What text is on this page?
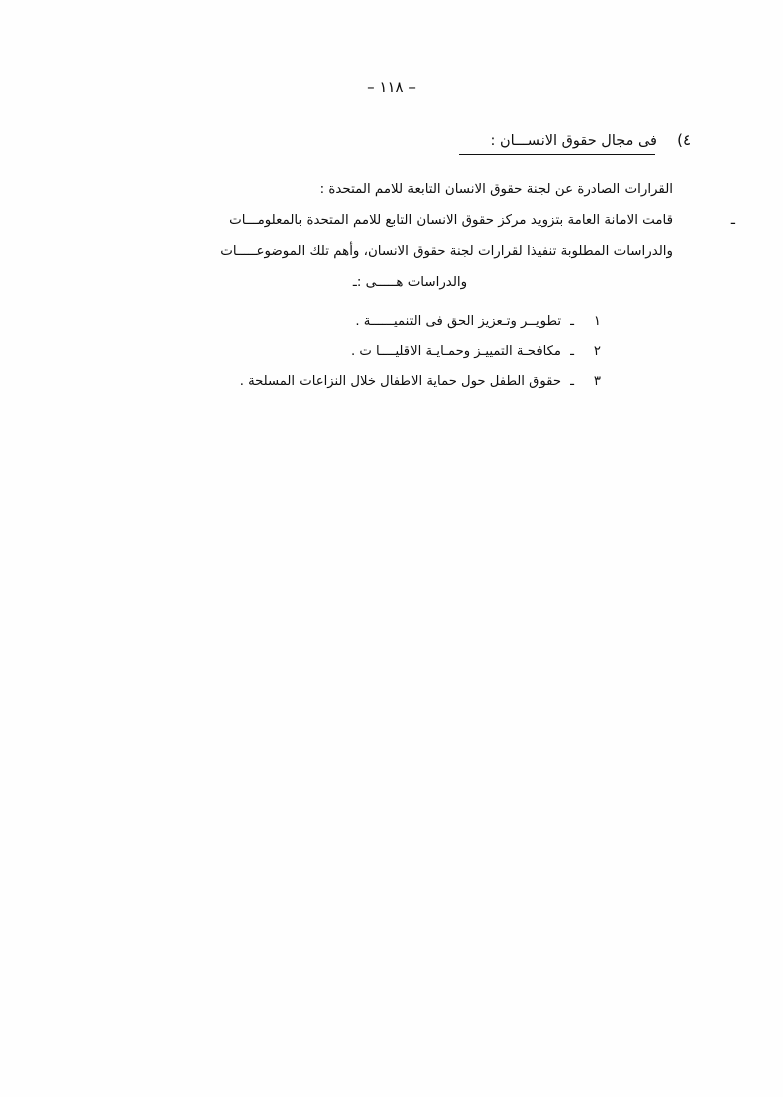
– ١١٨ –
٤)
فى مجال حقوق الانســـان :
ـ
القرارات الصادرة عن لجنة حقوق الانسان التابعة للامم المتحدة :
قامت الامانة العامة بتزويد مركز حقوق الانسان التابع للامم المتحدة بالمعلومـــات
والدراسات المطلوبة تنفيذا لقرارات لجنة حقوق الانسان، وأهم تلك الموضوعـــــات
والدراسات هـــــى :ـ
١
ـ
تطويــر وتـعزيز الحق فى التنميــــــة .
٢
ـ
مكافحـة التمييـز وحمـايـة الاقليــــا ت .
٣
ـ
حقوق الطفل حول حماية الاطفال خلال النزاعات المسلحة .
